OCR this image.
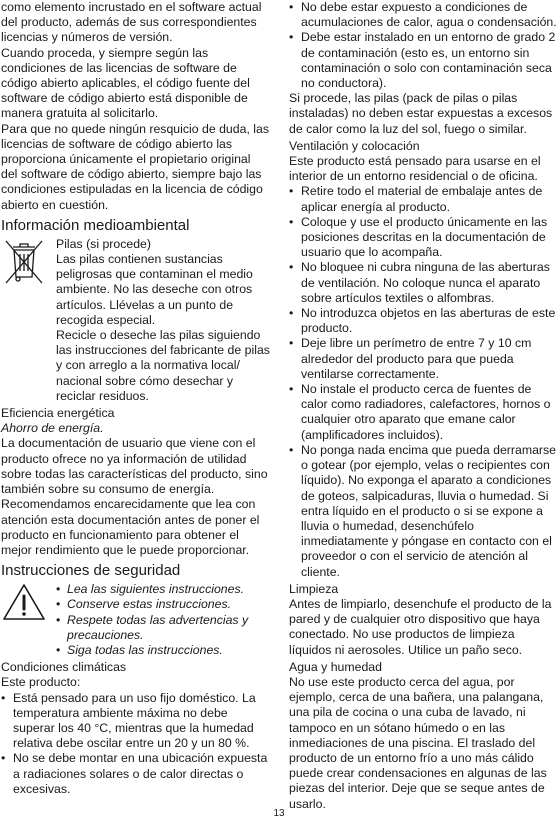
como elemento incrustado en el software actual del producto, además de sus correspondientes licencias y números de versión.

Cuando proceda, y siempre según las condiciones de las licencias de software de código abierto aplicables, el código fuente del software de código abierto está disponible de manera gratuita al solicitarlo.

Para que no quede ningún resquicio de duda, las licencias de software de código abierto las proporciona únicamente el propietario original del software de código abierto, siempre bajo las condiciones estipuladas en la licencia de código abierto en cuestión.

Información medioambiental

Pilas (si procede)

Las pilas contienen sustancias peligrosas que contaminan el medio ambiente. No las deseche con otros artículos. Llévelas a un punto de recogida especial.

Recicle o deseche las pilas siguiendo las instrucciones del fabricante de pilas y con arreglo a la normativa local/ nacional sobre cómo desechar y reciclar residuos.

Eficiencia energética

Ahorro de energía.

La documentación de usuario que viene con el producto ofrece no ya información de utilidad sobre todas las características del producto, sino también sobre su consumo de energía.

Recomendamos encarecidamente que lea con atención esta documentación antes de poner el producto en funcionamiento para obtener el mejor rendimiento que le puede proporcionar.

Instrucciones de seguridad

• Lea las siguientes instrucciones.
• Conserve estas instrucciones.
• Respete todas las advertencias y precauciones.
• Siga todas las instrucciones.

Condiciones climáticas

Este producto:

• Está pensado para un uso fijo doméstico. La temperatura ambiente máxima no debe superar los 40 °C, mientras que la humedad relativa debe oscilar entre un 20 y un 80 %.
• No se debe montar en una ubicación expuesta a radiaciones solares o de calor directas o excesivas.
• No debe estar expuesto a condiciones de acumulaciones de calor, agua o condensación.
• Debe estar instalado en un entorno de grado 2 de contaminación (esto es, un entorno sin contaminación o solo con contaminación seca no conductora).

Si procede, las pilas (pack de pilas o pilas instaladas) no deben estar expuestas a excesos de calor como la luz del sol, fuego o similar.

Ventilación y colocación

Este producto está pensado para usarse en el interior de un entorno residencial o de oficina.

• Retire todo el material de embalaje antes de aplicar energía al producto.
• Coloque y use el producto únicamente en las posiciones descritas en la documentación de usuario que lo acompaña.
• No bloquee ni cubra ninguna de las aberturas de ventilación. No coloque nunca el aparato sobre artículos textiles o alfombras.
• No introduzca objetos en las aberturas de este producto.
• Deje libre un perímetro de entre 7 y 10 cm alrededor del producto para que pueda ventilarse correctamente.
• No instale el producto cerca de fuentes de calor como radiadores, calefactores, hornos o cualquier otro aparato que emane calor (amplificadores incluidos).
• No ponga nada encima que pueda derramarse o gotear (por ejemplo, velas o recipientes con líquido). No exponga el aparato a condiciones de goteos, salpicaduras, lluvia o humedad. Si entra líquido en el producto o si se expone a lluvia o humedad, desenchúfelo inmediatamente y póngase en contacto con el proveedor o con el servicio de atención al cliente.

Limpieza

Antes de limpiarlo, desenchufe el producto de la pared y de cualquier otro dispositivo que haya conectado. No use productos de limpieza líquidos ni aerosoles. Utilice un paño seco.

Agua y humedad

No use este producto cerca del agua, por ejemplo, cerca de una bañera, una palangana, una pila de cocina o una cuba de lavado, ni tampoco en un sótano húmedo o en las inmediaciones de una piscina. El traslado del producto de un entorno frío a uno más cálido puede crear condensaciones en algunas de las piezas del interior. Deje que se seque antes de usarlo.

13
